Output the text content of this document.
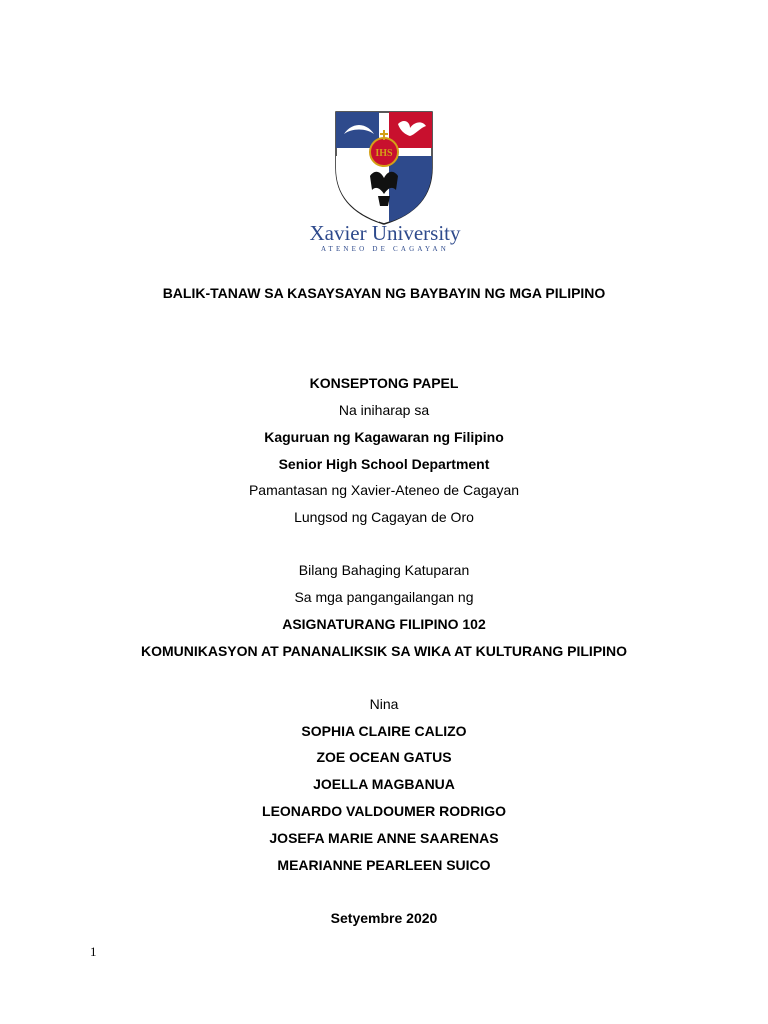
IHS
Xavier University
ATENEO DE CAGAYAN
BALIK-TANAW SA KASAYSAYAN NG BAYBAYIN NG MGA PILIPINO
KONSEPTONG PAPEL
Na iniharap sa
Kaguruan ng Kagawaran ng Filipino
Senior High School Department
Pamantasan ng Xavier-Ateneo de Cagayan
Lungsod ng Cagayan de Oro
Bilang Bahaging Katuparan
Sa mga pangangailangan ng
ASIGNATURANG FILIPINO 102
KOMUNIKASYON AT PANANALIKSIK SA WIKA AT KULTURANG PILIPINO
Nina
SOPHIA CLAIRE CALIZO
ZOE OCEAN GATUS
JOELLA MAGBANUA
LEONARDO VALDOUMER RODRIGO
JOSEFA MARIE ANNE SAARENAS
MEARIANNE PEARLEEN SUICO
Setyembre 2020
1
